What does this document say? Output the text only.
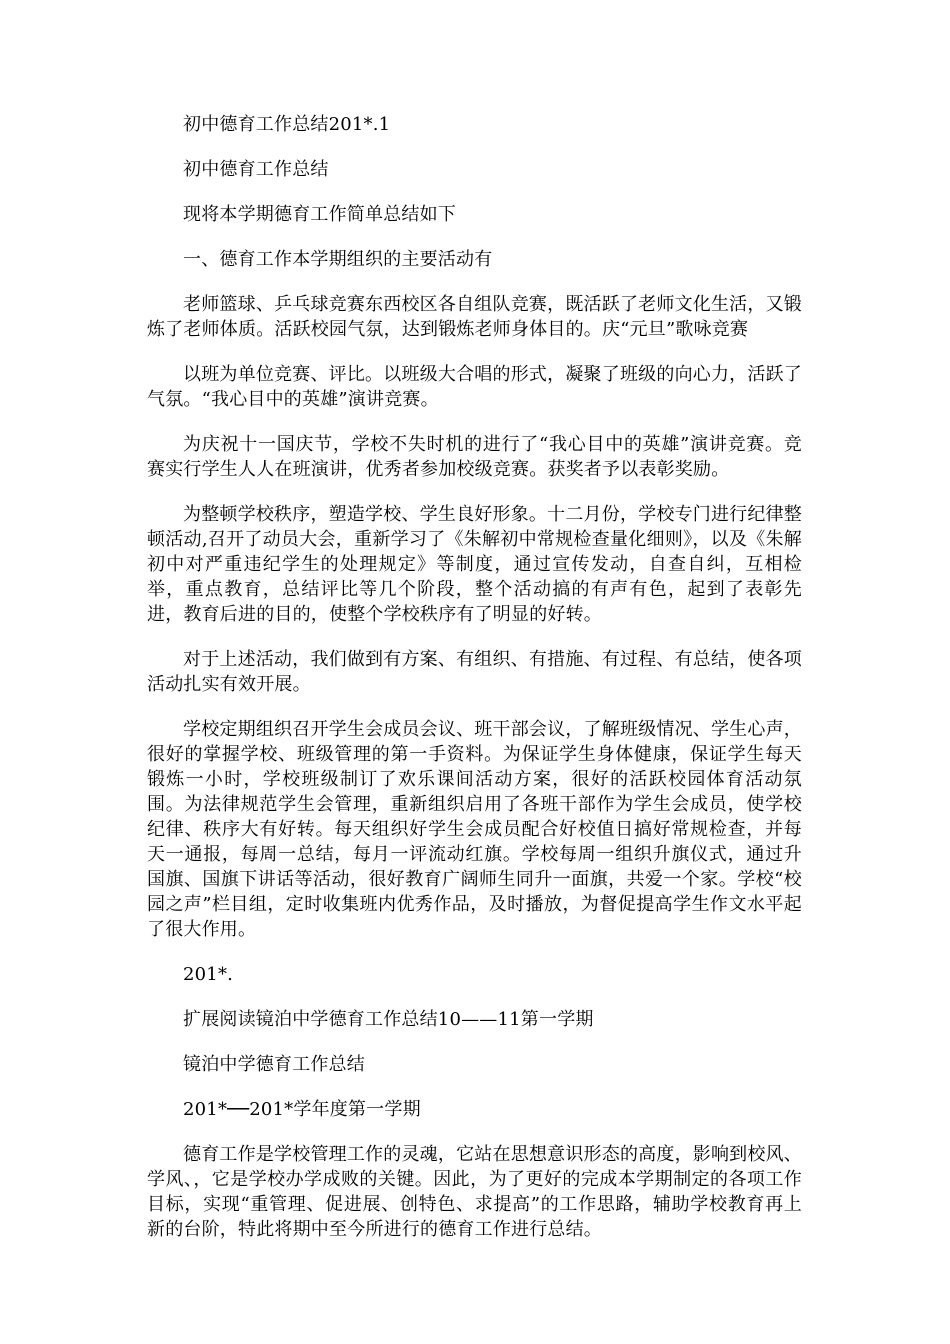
初中德育工作总结201*.1

初中德育工作总结

现将本学期德育工作简单总结如下

一、德育工作本学期组织的主要活动有

老师篮球、乒乓球竞赛东西校区各自组队竞赛，既活跃了老师文化生活，又锻炼了老师体质。活跃校园气氛，达到锻炼老师身体目的。庆“元旦”歌咏竞赛

以班为单位竞赛、评比。以班级大合唱的形式，凝聚了班级的向心力，活跃了气氛。“我心目中的英雄”演讲竞赛。

为庆祝十一国庆节，学校不失时机的进行了“我心目中的英雄”演讲竞赛。竞赛实行学生人人在班演讲，优秀者参加校级竞赛。获奖者予以表彰奖励。

为整顿学校秩序，塑造学校、学生良好形象。十二月份，学校专门进行纪律整顿活动,召开了动员大会，重新学习了《朱解初中常规检查量化细则》，以及《朱解初中对严重违纪学生的处理规定》等制度，通过宣传发动，自查自纠，互相检举，重点教育，总结评比等几个阶段，整个活动搞的有声有色，起到了表彰先进，教育后进的目的，使整个学校秩序有了明显的好转。

对于上述活动，我们做到有方案、有组织、有措施、有过程、有总结，使各项活动扎实有效开展。

学校定期组织召开学生会成员会议、班干部会议，了解班级情况、学生心声，很好的掌握学校、班级管理的第一手资料。为保证学生身体健康，保证学生每天锻炼一小时，学校班级制订了欢乐课间活动方案，很好的活跃校园体育活动氛围。为法律规范学生会管理，重新组织启用了各班干部作为学生会成员，使学校纪律、秩序大有好转。每天组织好学生会成员配合好校值日搞好常规检查，并每天一通报，每周一总结，每月一评流动红旗。学校每周一组织升旗仪式，通过升国旗、国旗下讲话等活动，很好教育广阔师生同升一面旗，共爱一个家。学校“校园之声”栏目组，定时收集班内优秀作品，及时播放，为督促提高学生作文水平起了很大作用。

201*.

扩展阅读镜泊中学德育工作总结10——11第一学期

镜泊中学德育工作总结

201*──201*学年度第一学期

德育工作是学校管理工作的灵魂，它站在思想意识形态的高度，影响到校风、学风、，它是学校办学成败的关键。因此，为了更好的完成本学期制定的各项工作目标，实现“重管理、促进展、创特色、求提高”的工作思路，辅助学校教育再上新的台阶，特此将期中至今所进行的德育工作进行总结。
